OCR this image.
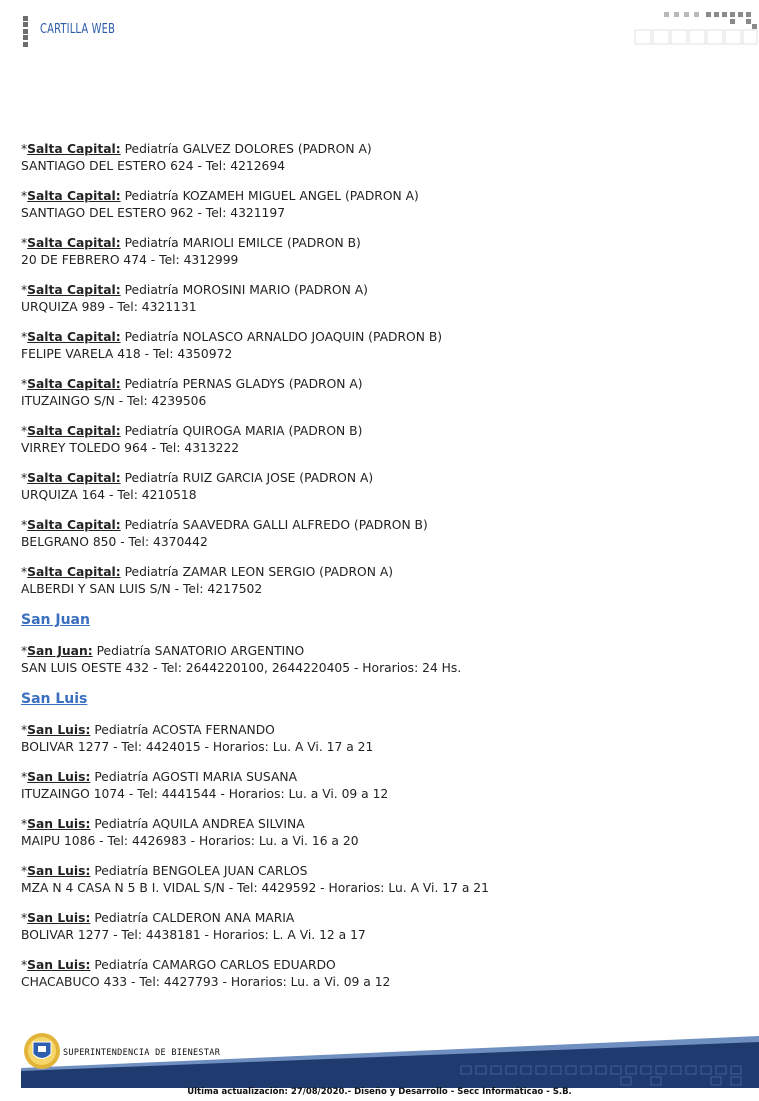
CARTILLA WEB
*Salta Capital: Pediatría GALVEZ DOLORES (PADRON A)
SANTIAGO DEL ESTERO 624 - Tel: 4212694
*Salta Capital: Pediatría KOZAMEH MIGUEL ANGEL (PADRON A)
SANTIAGO DEL ESTERO 962 - Tel: 4321197
*Salta Capital: Pediatría MARIOLI EMILCE (PADRON B)
20 DE FEBRERO 474 - Tel: 4312999
*Salta Capital: Pediatría MOROSINI MARIO (PADRON A)
URQUIZA 989 - Tel: 4321131
*Salta Capital: Pediatría NOLASCO ARNALDO JOAQUIN (PADRON B)
FELIPE VARELA 418 - Tel: 4350972
*Salta Capital: Pediatría PERNAS GLADYS (PADRON A)
ITUZAINGO S/N - Tel: 4239506
*Salta Capital: Pediatría QUIROGA MARIA (PADRON B)
VIRREY TOLEDO 964 - Tel: 4313222
*Salta Capital: Pediatría RUIZ GARCIA JOSE (PADRON A)
URQUIZA 164 - Tel: 4210518
*Salta Capital: Pediatría SAAVEDRA GALLI ALFREDO (PADRON B)
BELGRANO 850 - Tel: 4370442
*Salta Capital: Pediatría ZAMAR LEON SERGIO (PADRON A)
ALBERDI Y SAN LUIS S/N - Tel: 4217502
San Juan
*San Juan: Pediatría SANATORIO ARGENTINO
SAN LUIS OESTE 432 - Tel: 2644220100, 2644220405 - Horarios: 24 Hs.
San Luis
*San Luis: Pediatría ACOSTA FERNANDO
BOLIVAR 1277 - Tel: 4424015 - Horarios: Lu. A Vi. 17 a 21
*San Luis: Pediatría AGOSTI MARIA SUSANA
ITUZAINGO 1074 - Tel: 4441544 - Horarios: Lu. a Vi. 09 a 12
*San Luis: Pediatría AQUILA ANDREA SILVINA
MAIPU 1086 - Tel: 4426983 - Horarios: Lu. a Vi. 16 a 20
*San Luis: Pediatría BENGOLEA JUAN CARLOS
MZA N 4 CASA N 5 B I. VIDAL S/N - Tel: 4429592 - Horarios: Lu. A Vi. 17 a 21
*San Luis: Pediatría CALDERON ANA MARIA
BOLIVAR 1277 - Tel: 4438181 - Horarios: L. A Vi. 12 a 17
*San Luis: Pediatría CAMARGO CARLOS EDUARDO
CHACABUCO 433 - Tel: 4427793 - Horarios: Lu. a Vi. 09 a 12
SUPERINTENDENCIA DE BIENESTAR
Ultima actualización: 27/08/2020.- Diseño y Desarrollo - Secc Informáticao - S.B.
